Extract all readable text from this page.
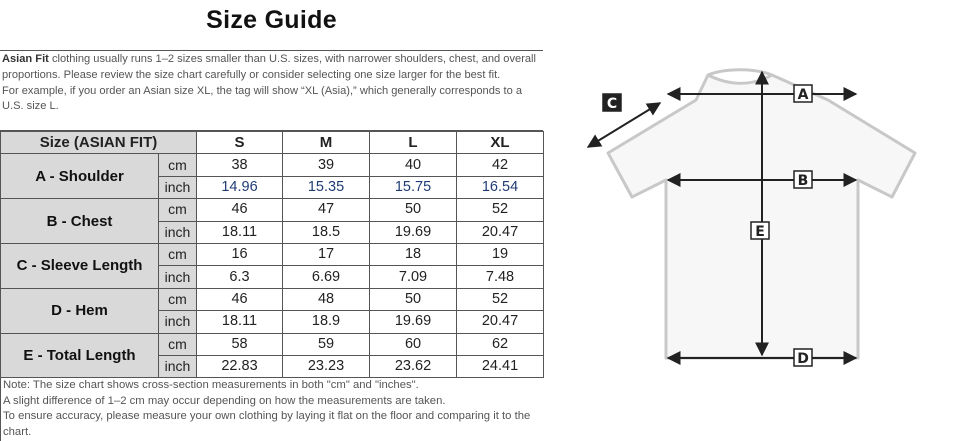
Size Guide
Asian Fit clothing usually runs 1–2 sizes smaller than U.S. sizes, with narrower shoulders, chest, and overall proportions. Please review the size chart carefully or consider selecting one size larger for the best fit.
For example, if you order an Asian size XL, the tag will show “XL (Asia),” which generally corresponds to a U.S. size L.
Size (ASIAN FIT)		S	M	L	XL
A - Shoulder	cm	38	39	40	42
	inch	14.96	15.35	15.75	16.54
B - Chest	cm	46	47	50	52
	inch	18.11	18.5	19.69	20.47
C - Sleeve Length	cm	16	17	18	19
	inch	6.3	6.69	7.09	7.48
D - Hem	cm	46	48	50	52
	inch	18.11	18.9	19.69	20.47
E - Total Length	cm	58	59	60	62
	inch	22.83	23.23	23.62	24.41
Note: The size chart shows cross-section measurements in both "cm" and "inches".
A slight difference of 1–2 cm may occur depending on how the measurements are taken.
To ensure accuracy, please measure your own clothing by laying it flat on the floor and comparing it to the chart.
A
B
C
D
E
